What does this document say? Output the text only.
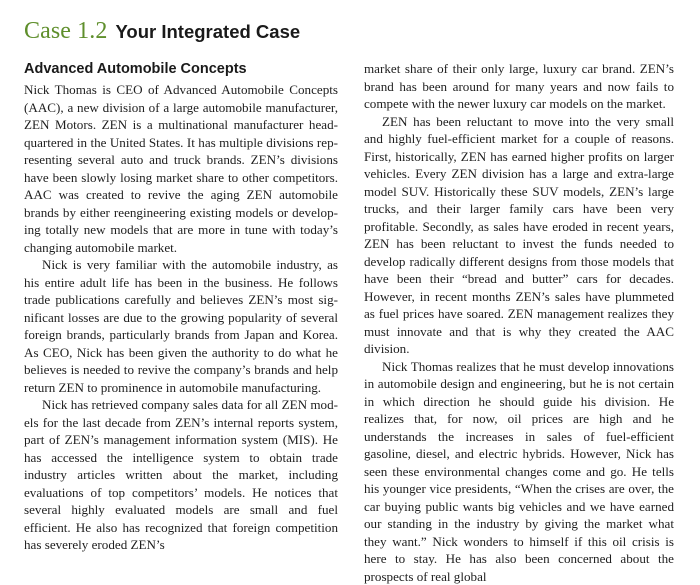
Case 1.2 Your Integrated Case
Advanced Automobile Concepts

Nick Thomas is CEO of Advanced Automobile Concepts (AAC), a new division of a large automobile manufacturer, ZEN Motors. ZEN is a multinational manufacturer headquartered in the United States. It has multiple divisions representing several auto and truck brands. ZEN’s divisions have been slowly losing market share to other competitors. AAC was created to revive the aging ZEN automobile brands by either reengineering existing models or developing totally new models that are more in tune with today’s changing automobile market.

Nick is very familiar with the automobile industry, as his entire adult life has been in the business. He follows trade publications carefully and believes ZEN’s most significant losses are due to the growing popularity of several foreign brands, particularly brands from Japan and Korea. As CEO, Nick has been given the authority to do what he believes is needed to revive the company’s brands and help return ZEN to prominence in automobile manufacturing.

Nick has retrieved company sales data for all ZEN models for the last decade from ZEN’s internal reports system, part of ZEN’s management information system (MIS). He has accessed the intelligence system to obtain trade industry articles written about the market, including evaluations of top competitors’ models. He notices that several highly evaluated models are small and fuel efficient. He also has recognized that foreign competition has severely eroded ZEN’s

market share of their only large, luxury car brand. ZEN’s brand has been around for many years and now fails to compete with the newer luxury car models on the market.

ZEN has been reluctant to move into the very small and highly fuel-efficient market for a couple of reasons. First, historically, ZEN has earned higher profits on larger vehicles. Every ZEN division has a large and extra-large model SUV. Historically these SUV models, ZEN’s large trucks, and their larger family cars have been very profitable. Secondly, as sales have eroded in recent years, ZEN has been reluctant to invest the funds needed to develop radically different designs from those models that have been their “bread and butter” cars for decades. However, in recent months ZEN’s sales have plummeted as fuel prices have soared. ZEN management realizes they must innovate and that is why they created the AAC division.

Nick Thomas realizes that he must develop innovations in automobile design and engineering, but he is not certain in which direction he should guide his division. He realizes that, for now, oil prices are high and he understands the increases in sales of fuel-efficient gasoline, diesel, and electric hybrids. However, Nick has seen these environmental changes come and go. He tells his younger vice presidents, “When the crises are over, the car buying public wants big vehicles and we have earned our standing in the industry by giving the market what they want.” Nick wonders to himself if this oil crisis is here to stay. He has also been concerned about the prospects of real global
